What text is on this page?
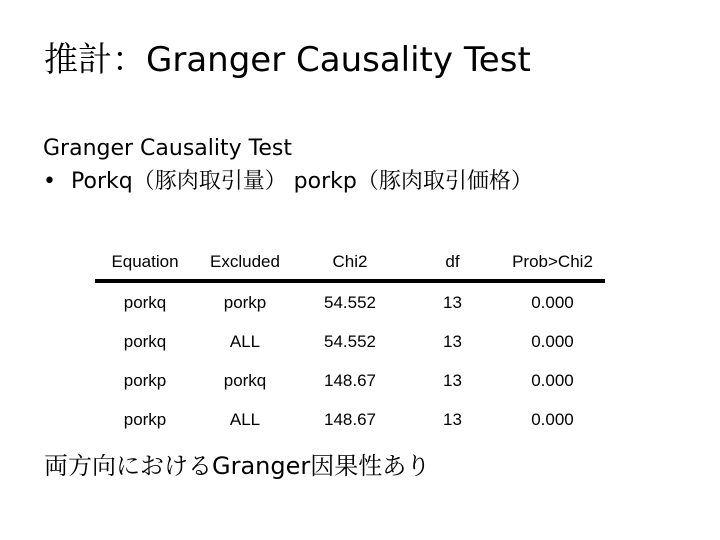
推計：Granger Causality Test
Granger Causality Test
• Porkq（豚肉取引量） porkp（豚肉取引価格）
Equation	Excluded	Chi2	df	Prob>Chi2
porkq	porkp	54.552	13	0.000
porkq	ALL	54.552	13	0.000
porkp	porkq	148.67	13	0.000
porkp	ALL	148.67	13	0.000
両方向におけるGranger因果性あり
